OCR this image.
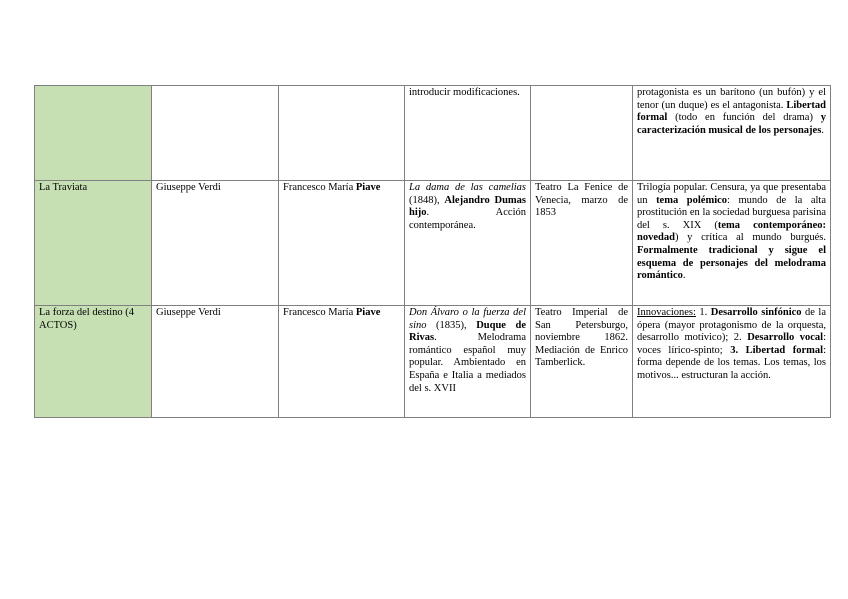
			introducir modificaciones.		protagonista es un barítono (un bufón) y el tenor (un duque) es el antagonista. Libertad formal (todo en función del drama) y caracterización musical de los personajes.
La Traviata	Giuseppe Verdi	Francesco María Piave	La dama de las camelias (1848), Alejandro Dumas hijo. Acción contemporánea.	Teatro La Fenice de Venecia, marzo de 1853	Trilogía popular. Censura, ya que presentaba un tema polémico: mundo de la alta prostitución en la sociedad burguesa parisina del s. XIX (tema contemporáneo: novedad) y crítica al mundo burgués. Formalmente tradicional y sigue el esquema de personajes del melodrama romántico.
La forza del destino (4 ACTOS)	Giuseppe Verdi	Francesco María Piave	Don Álvaro o la fuerza del sino (1835), Duque de Rivas. Melodrama romántico español muy popular. Ambientado en España e Italia a mediados del s. XVII	Teatro Imperial de San Petersburgo, noviembre 1862. Mediación de Enrico Tamberlick.	Innovaciones: 1. Desarrollo sinfónico de la ópera (mayor protagonismo de la orquesta, desarrollo motívico); 2. Desarrollo vocal: voces lírico-spinto; 3. Libertad formal: forma depende de los temas. Los temas, los motivos... estructuran la acción.
